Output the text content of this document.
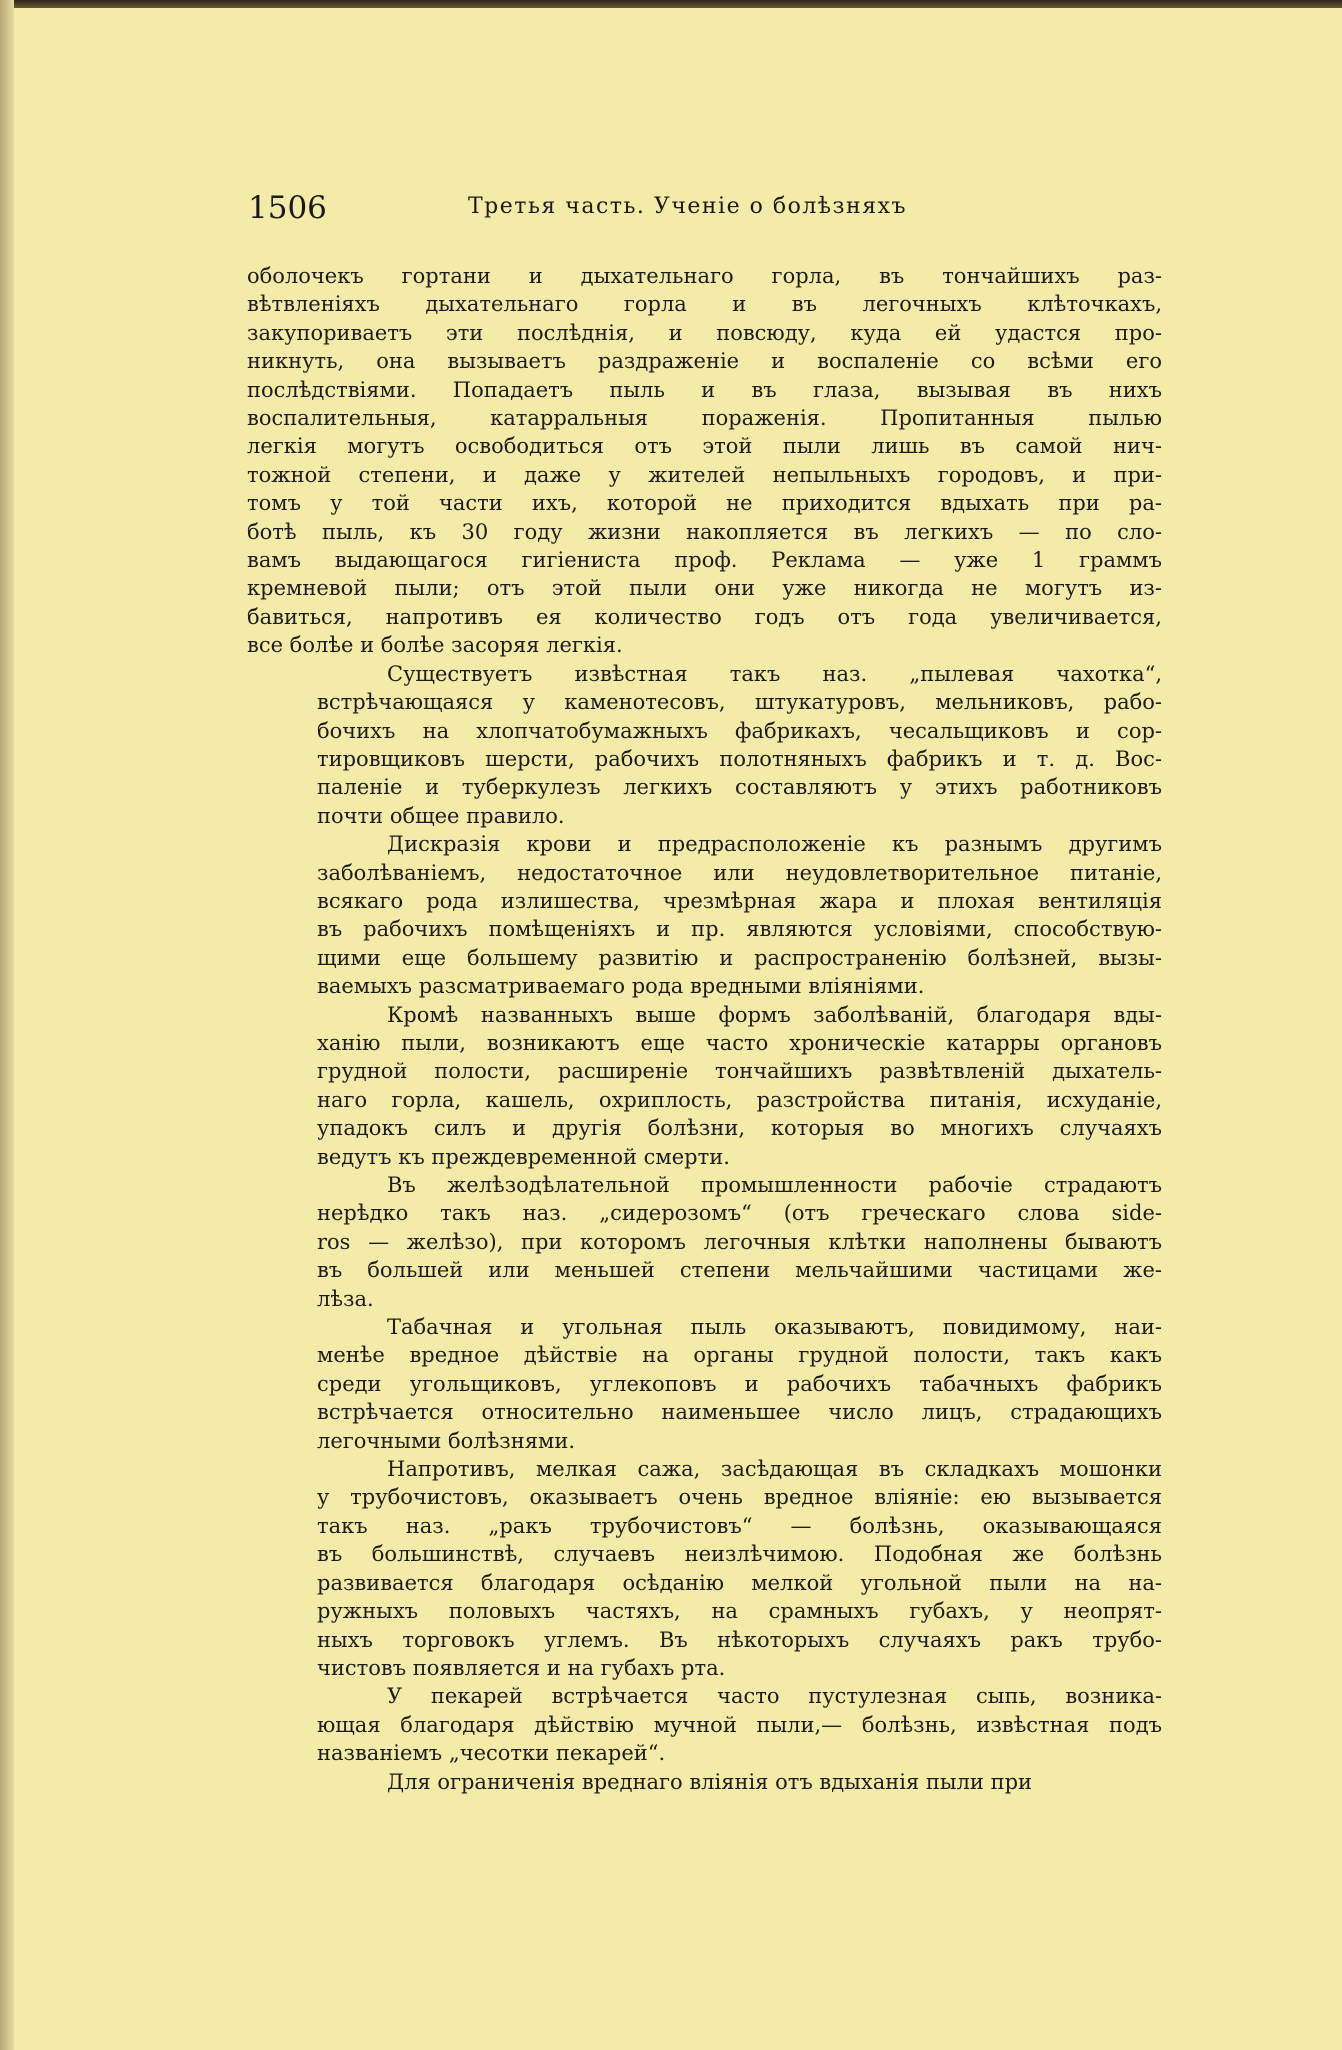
1506	Третья часть. Ученіе о болѣзняхъ
оболочекъ гортани и дыхательнаго горла, въ тончайшихъ раз-
вѣтвленіяхъ дыхательнаго горла и въ легочныхъ клѣточкахъ,
закупориваетъ эти послѣднія, и повсюду, куда ей удастся про-
никнуть, она вызываетъ раздраженіе и воспаленіе со всѣми его
послѣдствіями. Попадаетъ пыль и въ глаза, вызывая въ нихъ
воспалительныя, катарральныя пораженія. Пропитанныя пылью
легкія могутъ освободиться отъ этой пыли лишь въ самой нич-
тожной степени, и даже у жителей непыльныхъ городовъ, и при-
томъ у той части ихъ, которой не приходится вдыхать при ра-
ботѣ пыль, къ 30 году жизни накопляется въ легкихъ — по сло-
вамъ выдающагося гигіениста проф. Реклама — уже 1 граммъ
кремневой пыли; отъ этой пыли они уже никогда не могутъ из-
бавиться, напротивъ ея количество годъ отъ года увеличивается,
все болѣе и болѣе засоряя легкія.
Существуетъ извѣстная такъ наз. „пылевая чахотка“,
встрѣчающаяся у каменотесовъ, штукатуровъ, мельниковъ, рабо-
бочихъ на хлопчатобумажныхъ фабрикахъ, чесальщиковъ и сор-
тировщиковъ шерсти, рабочихъ полотняныхъ фабрикъ и т. д. Вос-
паленіе и туберкулезъ легкихъ составляютъ у этихъ работниковъ
почти общее правило.
Дискразія крови и предрасположеніе къ разнымъ другимъ
заболѣваніемъ, недостаточное или неудовлетворительное питаніе,
всякаго рода излишества, чрезмѣрная жара и плохая вентиляція
въ рабочихъ помѣщеніяхъ и пр. являются условіями, способствую-
щими еще большему развитію и распространенію болѣзней, вызы-
ваемыхъ разсматриваемаго рода вредными вліяніями.
Кромѣ названныхъ выше формъ заболѣваній, благодаря вды-
ханію пыли, возникаютъ еще часто хроническіе катарры органовъ
грудной полости, расширеніе тончайшихъ развѣтвленій дыхатель-
наго горла, кашель, охриплость, разстройства питанія, исхуданіе,
упадокъ силъ и другія болѣзни, которыя во многихъ случаяхъ
ведутъ къ преждевременной смерти.
Въ желѣзодѣлательной промышленности рабочіе страдаютъ
нерѣдко такъ наз. „сидерозомъ“ (отъ греческаго слова sіde-
ros — желѣзо), при которомъ легочныя клѣтки наполнены бываютъ
въ большей или меньшей степени мельчайшими частицами же-
лѣза.
Табачная и угольная пыль оказываютъ, повидимому, наи-
менѣе вредное дѣйствіе на органы грудной полости, такъ какъ
среди угольщиковъ, углекоповъ и рабочихъ табачныхъ фабрикъ
встрѣчается относительно наименьшее число лицъ, страдающихъ
легочными болѣзнями.
Напротивъ, мелкая сажа, засѣдающая въ складкахъ мошонки
у трубочистовъ, оказываетъ очень вредное вліяніе: ею вызывается
такъ наз. „ракъ трубочистовъ“ — болѣзнь, оказывающаяся
въ большинствѣ, случаевъ неизлѣчимою. Подобная же болѣзнь
развивается благодаря осѣданію мелкой угольной пыли на на-
ружныхъ половыхъ частяхъ, на срамныхъ губахъ, у неопрят-
ныхъ торговокъ углемъ. Въ нѣкоторыхъ случаяхъ ракъ трубо-
чистовъ появляется и на губахъ рта.
У пекарей встрѣчается часто пустулезная сыпь, возника-
ющая благодаря дѣйствію мучной пыли,— болѣзнь, извѣстная подъ
названіемъ „чесотки пекарей“.
Для ограниченія вреднаго вліянія отъ вдыханія пыли при
